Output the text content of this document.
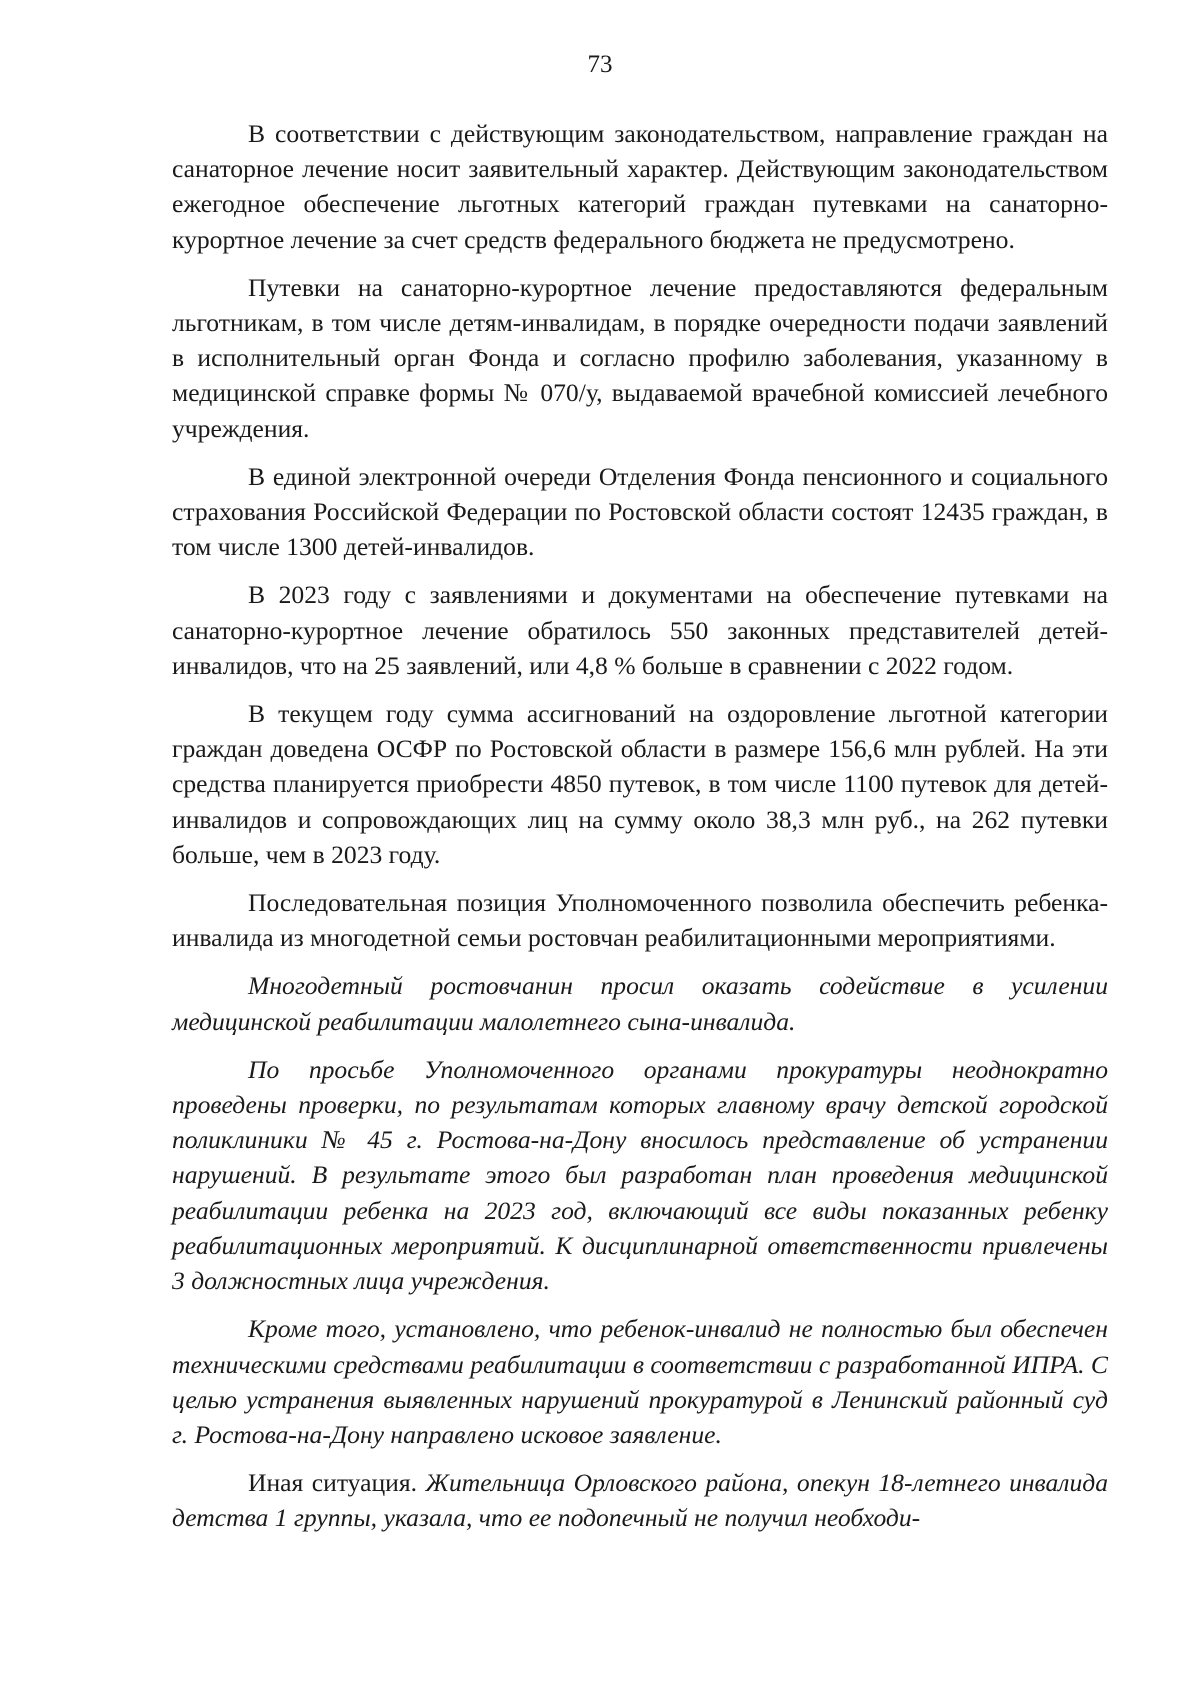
73

В соответствии с действующим законодательством, направление граждан на санаторное лечение носит заявительный характер. Действующим законодательством ежегодное обеспечение льготных категорий граждан путевками на санаторно-курортное лечение за счет средств федерального бюджета не предусмотрено.

Путевки на санаторно-курортное лечение предоставляются федеральным льготникам, в том числе детям-инвалидам, в порядке очередности подачи заявлений в исполнительный орган Фонда и согласно профилю заболевания, указанному в медицинской справке формы № 070/у, выдаваемой врачебной комиссией лечебного учреждения.

В единой электронной очереди Отделения Фонда пенсионного и социального страхования Российской Федерации по Ростовской области состоят 12435 граждан, в том числе 1300 детей-инвалидов.

В 2023 году с заявлениями и документами на обеспечение путевками на санаторно-курортное лечение обратилось 550 законных представителей детей-инвалидов, что на 25 заявлений, или 4,8 % больше в сравнении с 2022 годом.

В текущем году сумма ассигнований на оздоровление льготной категории граждан доведена ОСФР по Ростовской области в размере 156,6 млн рублей. На эти средства планируется приобрести 4850 путевок, в том числе 1100 путевок для детей-инвалидов и сопровождающих лиц на сумму около 38,3 млн руб., на 262 путевки больше, чем в 2023 году.

Последовательная позиция Уполномоченного позволила обеспечить ребенка-инвалида из многодетной семьи ростовчан реабилитационными мероприятиями.

Многодетный ростовчанин просил оказать содействие в усилении медицинской реабилитации малолетнего сына-инвалида.

По просьбе Уполномоченного органами прокуратуры неоднократно проведены проверки, по результатам которых главному врачу детской городской поликлиники № 45 г. Ростова-на-Дону вносилось представление об устранении нарушений. В результате этого был разработан план проведения медицинской реабилитации ребенка на 2023 год, включающий все виды показанных ребенку реабилитационных мероприятий. К дисциплинарной ответственности привлечены 3 должностных лица учреждения.

Кроме того, установлено, что ребенок-инвалид не полностью был обеспечен техническими средствами реабилитации в соответствии с разработанной ИПРА. С целью устранения выявленных нарушений прокуратурой в Ленинский районный суд г. Ростова-на-Дону направлено исковое заявление.

Иная ситуация. Жительница Орловского района, опекун 18-летнего инвалида детства 1 группы, указала, что ее подопечный не получил необходи-
